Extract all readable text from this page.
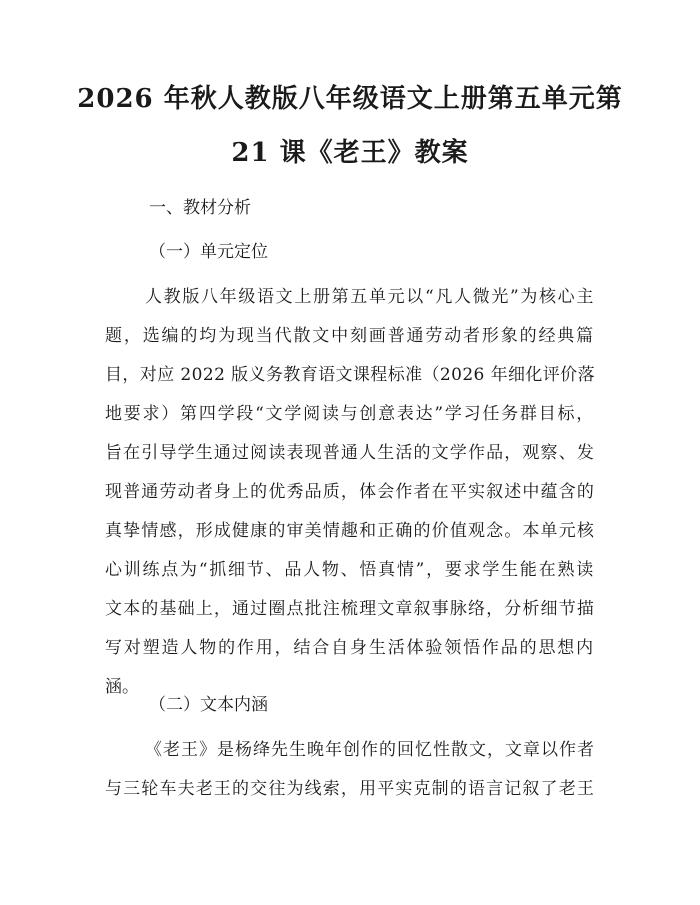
2026 年秋人教版八年级语文上册第五单元第
21 课《老王》教案

一、教材分析

（一）单元定位

人教版八年级语文上册第五单元以“凡人微光”为核心主
题，选编的均为现当代散文中刻画普通劳动者形象的经典篇
目，对应 2022 版义务教育语文课程标准（2026 年细化评价落
地要求）第四学段“文学阅读与创意表达”学习任务群目标，
旨在引导学生通过阅读表现普通人生活的文学作品，观察、发
现普通劳动者身上的优秀品质，体会作者在平实叙述中蕴含的
真挚情感，形成健康的审美情趣和正确的价值观念。本单元核
心训练点为“抓细节、品人物、悟真情”，要求学生能在熟读
文本的基础上，通过圈点批注梳理文章叙事脉络，分析细节描
写对塑造人物的作用，结合自身生活体验领悟作品的思想内
涵。

（二）文本内涵

《老王》是杨绛先生晚年创作的回忆性散文，文章以作者
与三轮车夫老王的交往为线索，用平实克制的语言记叙了老王
